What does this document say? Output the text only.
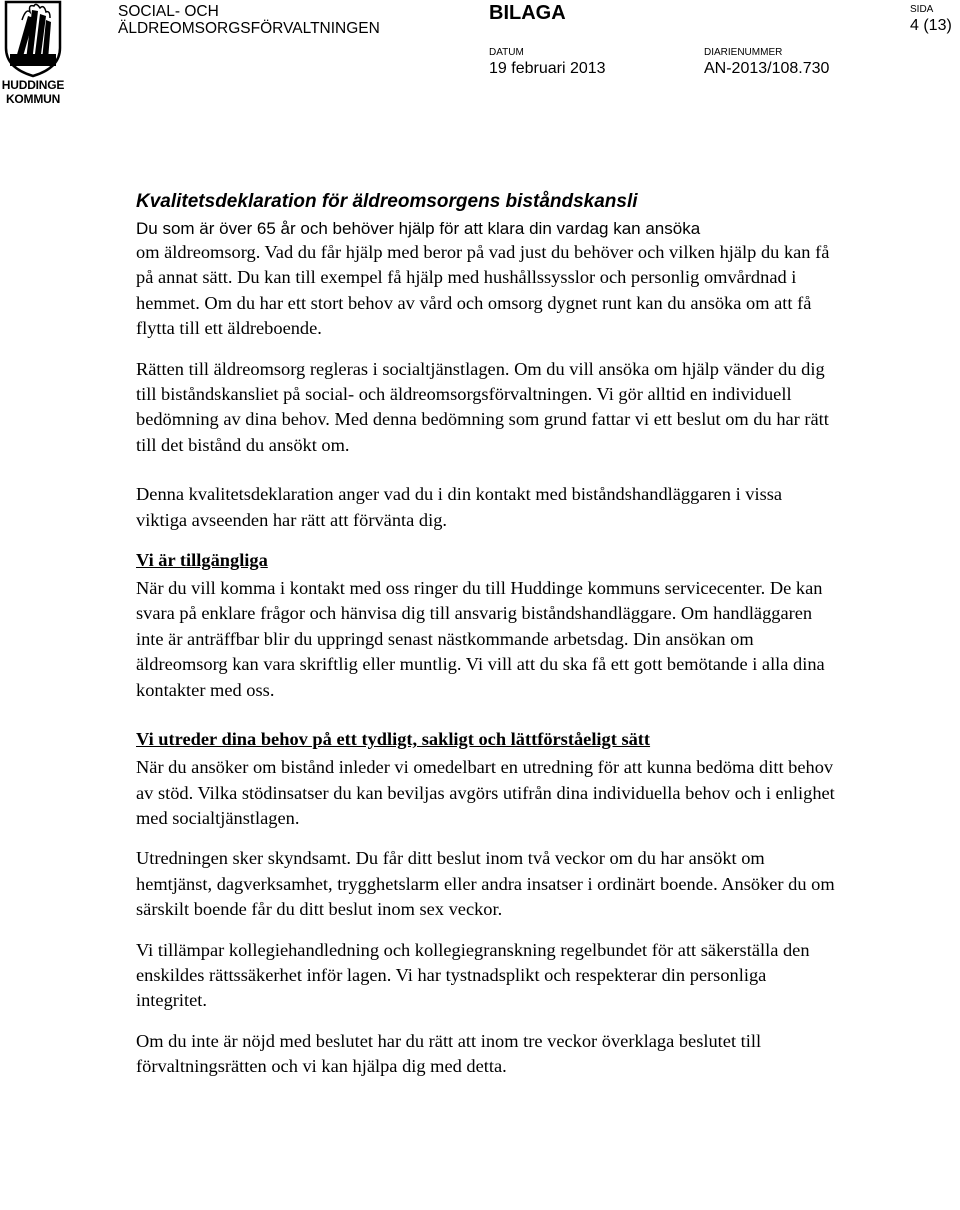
HUDDINGE
KOMMUN
SOCIAL- OCH
ÄLDREOMSORGSFÖRVALTNINGEN
BILAGA	SIDA
4 (13)
DATUM
19 februari 2013
DIARIENUMMER
AN-2013/108.730
Kvalitetsdeklaration för äldreomsorgens biståndskansli
Du som är över 65 år och behöver hjälp för att klara din vardag kan ansöka

om äldreomsorg. Vad du får hjälp med beror på vad just du behöver och vilken hjälp du kan få på annat sätt. Du kan till exempel få hjälp med hushållssysslor och personlig omvårdnad i hemmet. Om du har ett stort behov av vård och omsorg dygnet runt kan du ansöka om att få flytta till ett äldreboende.

Rätten till äldreomsorg regleras i socialtjänstlagen. Om du vill ansöka om hjälp vänder du dig till biståndskansliet på social- och äldreomsorgsförvaltningen. Vi gör alltid en individuell bedömning av dina behov. Med denna bedömning som grund fattar vi ett beslut om du har rätt till det bistånd du ansökt om.

Denna kvalitetsdeklaration anger vad du i din kontakt med biståndshandläggaren i vissa viktiga avseenden har rätt att förvänta dig.

Vi är tillgängliga

När du vill komma i kontakt med oss ringer du till Huddinge kommuns servicecenter. De kan svara på enklare frågor och hänvisa dig till ansvarig biståndshandläggare. Om handläggaren inte är anträffbar blir du uppringd senast nästkommande arbetsdag. Din ansökan om äldreomsorg kan vara skriftlig eller muntlig. Vi vill att du ska få ett gott bemötande i alla dina kontakter med oss.

Vi utreder dina behov på ett tydligt, sakligt och lättförståeligt sätt

När du ansöker om bistånd inleder vi omedelbart en utredning för att kunna bedöma ditt behov av stöd. Vilka stödinsatser du kan beviljas avgörs utifrån dina individuella behov och i enlighet med socialtjänstlagen.

Utredningen sker skyndsamt. Du får ditt beslut inom två veckor om du har ansökt om hemtjänst, dagverksamhet, trygghetslarm eller andra insatser i ordinärt boende. Ansöker du om särskilt boende får du ditt beslut inom sex veckor.

Vi tillämpar kollegiehandledning och kollegiegranskning regelbundet för att säkerställa den enskildes rättssäkerhet inför lagen. Vi har tystnadsplikt och respekterar din personliga integritet.

Om du inte är nöjd med beslutet har du rätt att inom tre veckor överklaga beslutet till förvaltningsrätten och vi kan hjälpa dig med detta.
